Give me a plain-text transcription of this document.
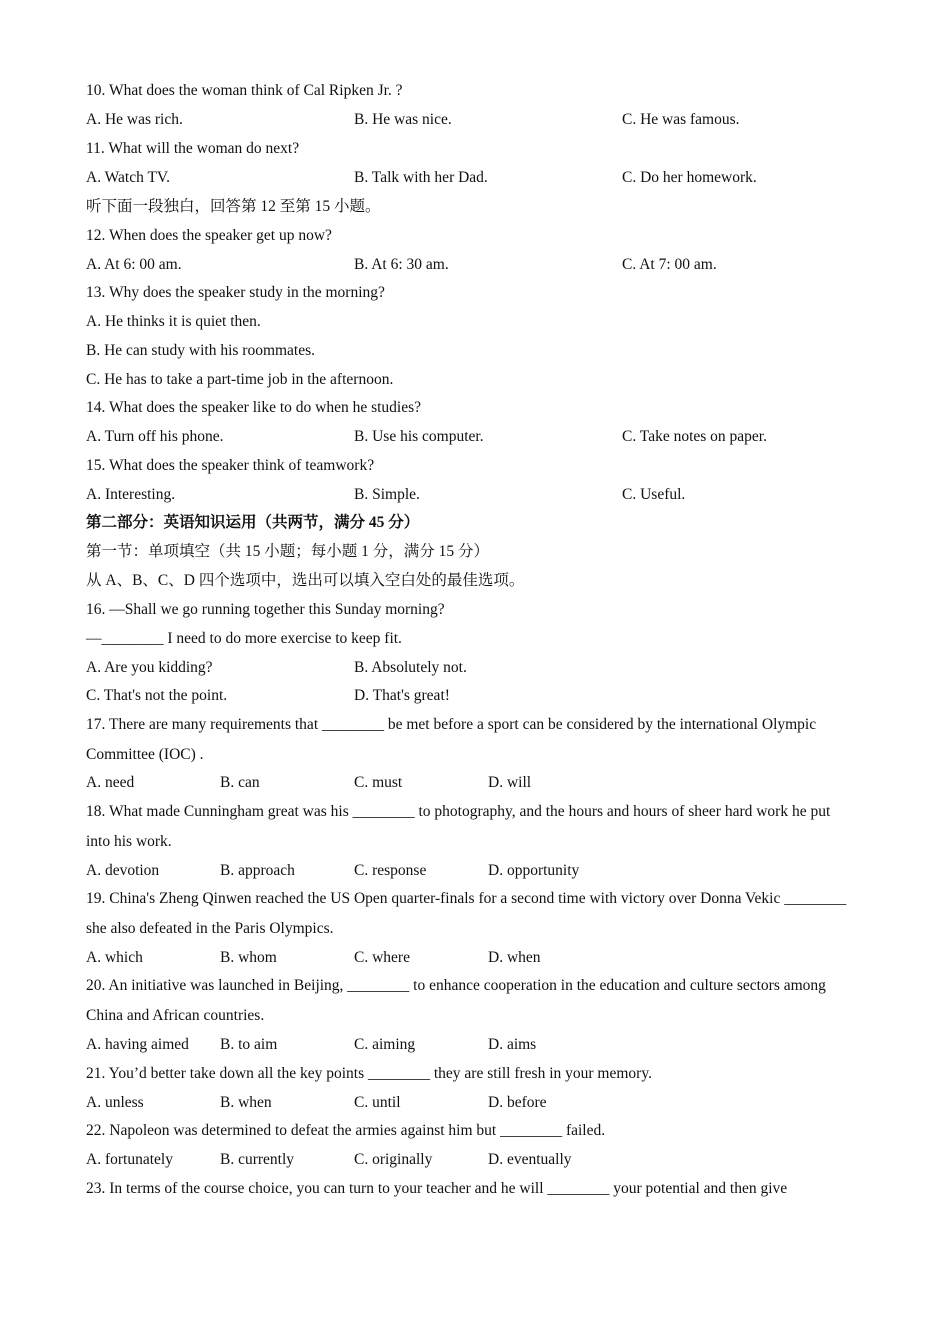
10. What does the woman think of Cal Ripken Jr. ?
A. He was rich.	B. He was nice.	C. He was famous.
11. What will the woman do next?
A. Watch TV.	B. Talk with her Dad.	C. Do her homework.
听下面一段独白，回答第 12 至第 15 小题。
12. When does the speaker get up now?
A. At 6: 00 am.	B. At 6: 30 am.	C. At 7: 00 am.
13. Why does the speaker study in the morning?
A. He thinks it is quiet then.
B. He can study with his roommates.
C. He has to take a part-time job in the afternoon.
14. What does the speaker like to do when he studies?
A. Turn off his phone.	B. Use his computer.	C. Take notes on paper.
15. What does the speaker think of teamwork?
A. Interesting.	B. Simple.	C. Useful.
第二部分：英语知识运用（共两节，满分 45 分）
第一节：单项填空（共 15 小题；每小题 1 分，满分 15 分）
从 A、B、C、D 四个选项中，选出可以填入空白处的最佳选项。
16. —Shall we go running together this Sunday morning?
—________ I need to do more exercise to keep fit.
A. Are you kidding?	B. Absolutely not.
C. That's not the point.	D. That's great!
17. There are many requirements that ________ be met before a sport can be considered by the international Olympic Committee (IOC) .
A. need	B. can	C. must	D. will
18. What made Cunningham great was his ________ to photography, and the hours and hours of sheer hard work he put into his work.
A. devotion	B. approach	C. response	D. opportunity
19. China's Zheng Qinwen reached the US Open quarter-finals for a second time with victory over Donna Vekic ________ she also defeated in the Paris Olympics.
A. which	B. whom	C. where	D. when
20. An initiative was launched in Beijing, ________ to enhance cooperation in the education and culture sectors among China and African countries.
A. having aimed B. to aim	C. aiming	D. aims
21. You’d better take down all the key points ________ they are still fresh in your memory.
A. unless	B. when	C. until	D. before
22. Napoleon was determined to defeat the armies against him but ________ failed.
A. fortunately	B. currently	C. originally	D. eventually
23. In terms of the course choice, you can turn to your teacher and he will ________ your potential and then give
